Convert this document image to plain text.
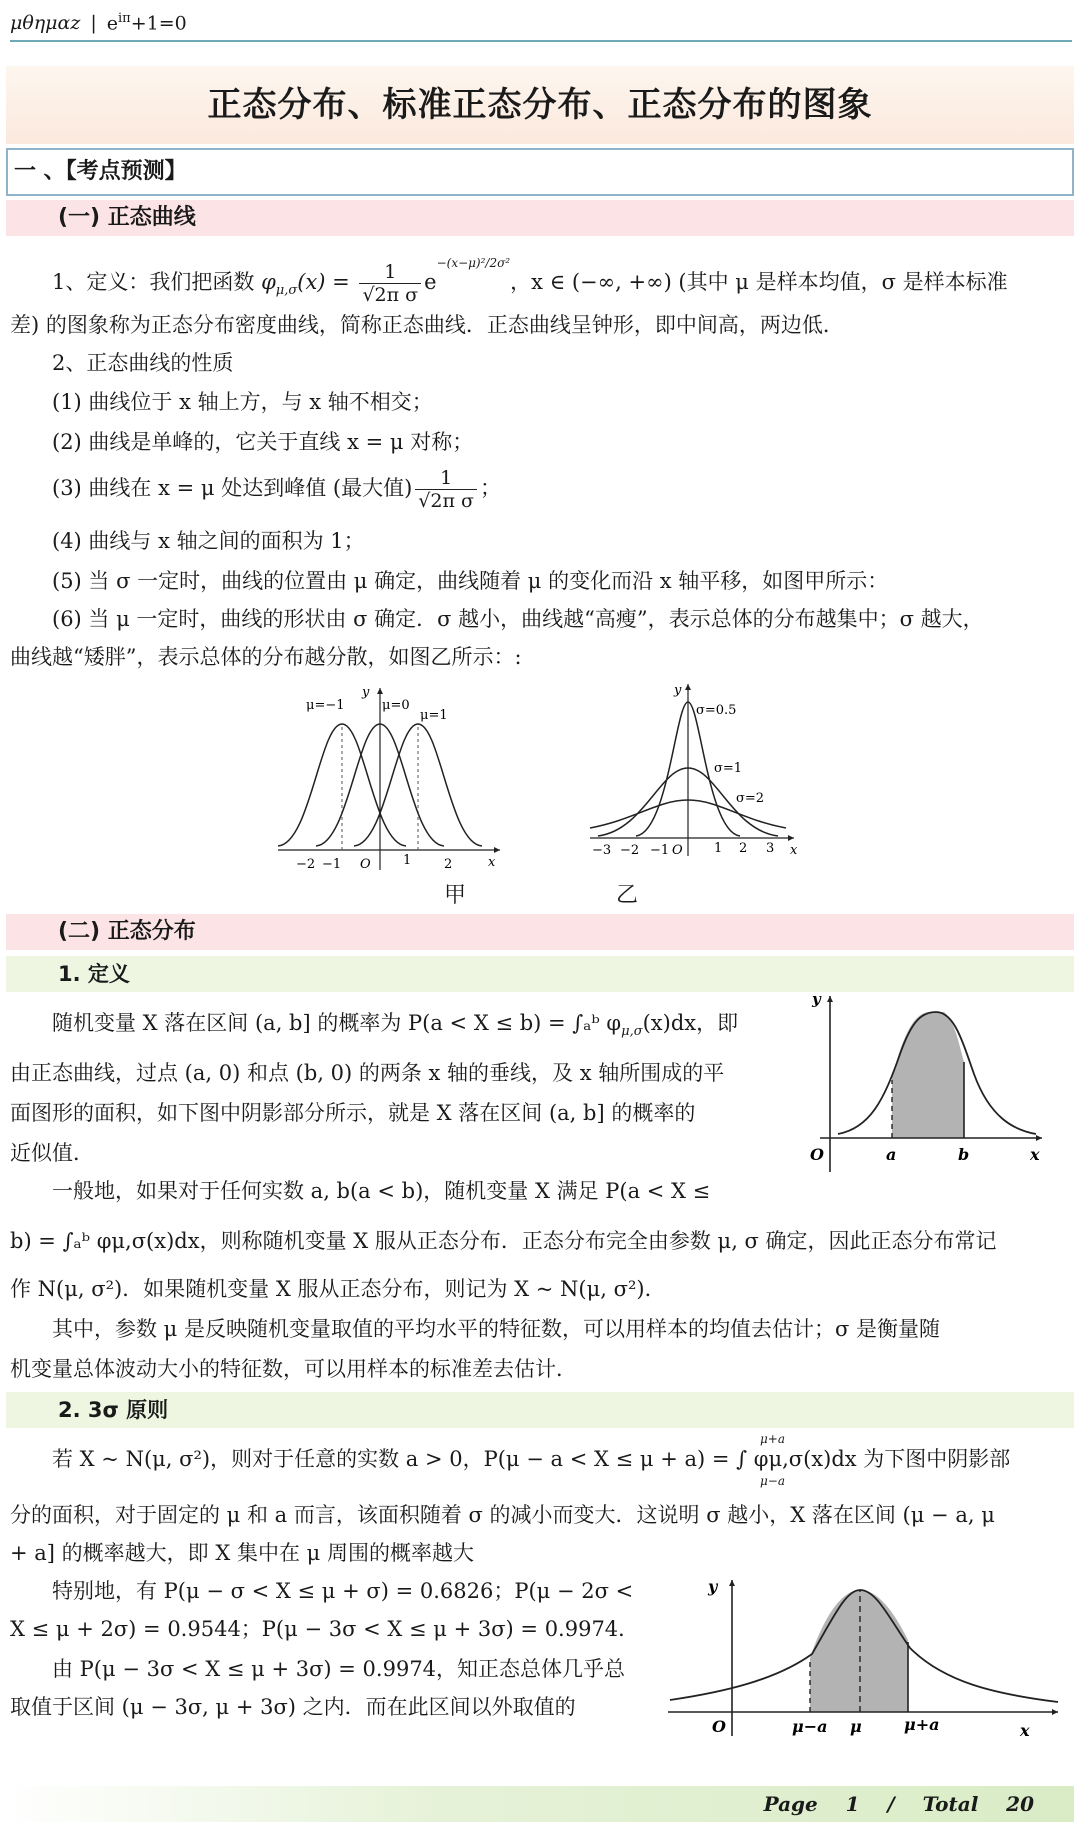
μθημαz | $e^{i\pi}+1=0$
正态分布、标准正态分布、正态分布的图象
一 、【考点预测】
(一) 正态曲线
1、定义：我们把函数 $\varphi_{\mu,\sigma}(x) = \frac{1}{\text{√2π σ}} e^{-(x-\mu)^2/2\sigma^2}$，x ∈ (−∞, +∞) (其中 μ 是样本均值，σ 是样本标准
差) 的图象称为正态分布密度曲线，简称正态曲线．正态曲线呈钟形，即中间高，两边低．
2、正态曲线的性质
(1) 曲线位于 x 轴上方，与 x 轴不相交；
(2) 曲线是单峰的，它关于直线 x = μ 对称；
(3) 曲线在 x = μ 处达到峰值 (最大值) $\frac{1}{\text{√2π σ}}$ ；
(4) 曲线与 x 轴之间的面积为 1；
(5) 当 σ 一定时，曲线的位置由 μ 确定，曲线随着 μ 的变化而沿 x 轴平移，如图甲所示：
(6) 当 μ 一定时，曲线的形状由 σ 确定．σ 越小，曲线越“高瘦”，表示总体的分布越集中；σ 越大，
曲线越“矮胖”，表示总体的分布越分散，如图乙所示：:
μ=−1	μ=0
μ=1
−2 −1 O 1	2	x
y
甲
σ=0.5
σ=1
σ=2
−3 −2 −1 O 1 2 3 x
y
乙
(二) 正态分布
1. 定义
随机变量 X 落在区间 (a, b] 的概率为 P(a < X ≤ b) = ∫ₐᵇ $\varphi_{\mu,\sigma}(x)dx$，即
由正态曲线，过点 (a, 0) 和点 (b, 0) 的两条 x 轴的垂线，及 x 轴所围成的平
面图形的面积，如下图中阴影部分所示，就是 X 落在区间 (a, b] 的概率的
近似值．
一般地，如果对于任何实数 a, b(a < b)，随机变量 X 满足 P(a < X ≤
b) = ∫ₐᵇ φμ,σ(x)dx，则称随机变量 X 服从正态分布．正态分布完全由参数 μ, σ 确定，因此正态分布常记
作 N(μ, σ²)．如果随机变量 X 服从正态分布，则记为 X ~ N(μ, σ²)．
其中，参数 μ 是反映随机变量取值的平均水平的特征数，可以用样本的均值去估计；σ 是衡量随
机变量总体波动大小的特征数，可以用样本的标准差去估计．
y
O	a	b	x
2. 3σ 原则
若 X ~ N(μ, σ²)，则对于任意的实数 a > 0，P(μ − a < X ≤ μ + a) = ∫ φμ,σ(x)dx 为下图中阴影部
μ+a
μ−a
分的面积，对于固定的 μ 和 a 而言，该面积随着 σ 的减小而变大．这说明 σ 越小，X 落在区间 (μ − a, μ
+ a] 的概率越大，即 X 集中在 μ 周围的概率越大
特别地，有 P(μ − σ < X ≤ μ + σ) = 0.6826；P(μ − 2σ <
X ≤ μ + 2σ) = 0.9544；P(μ − 3σ < X ≤ μ + 3σ) = 0.9974．
由 P(μ − 3σ < X ≤ μ + 3σ) = 0.9974，知正态总体几乎总
取值于区间 (μ − 3σ, μ + 3σ) 之内．而在此区间以外取值的
y
O	μ−a μ	μ+a	x
Page 1 / Total 20
